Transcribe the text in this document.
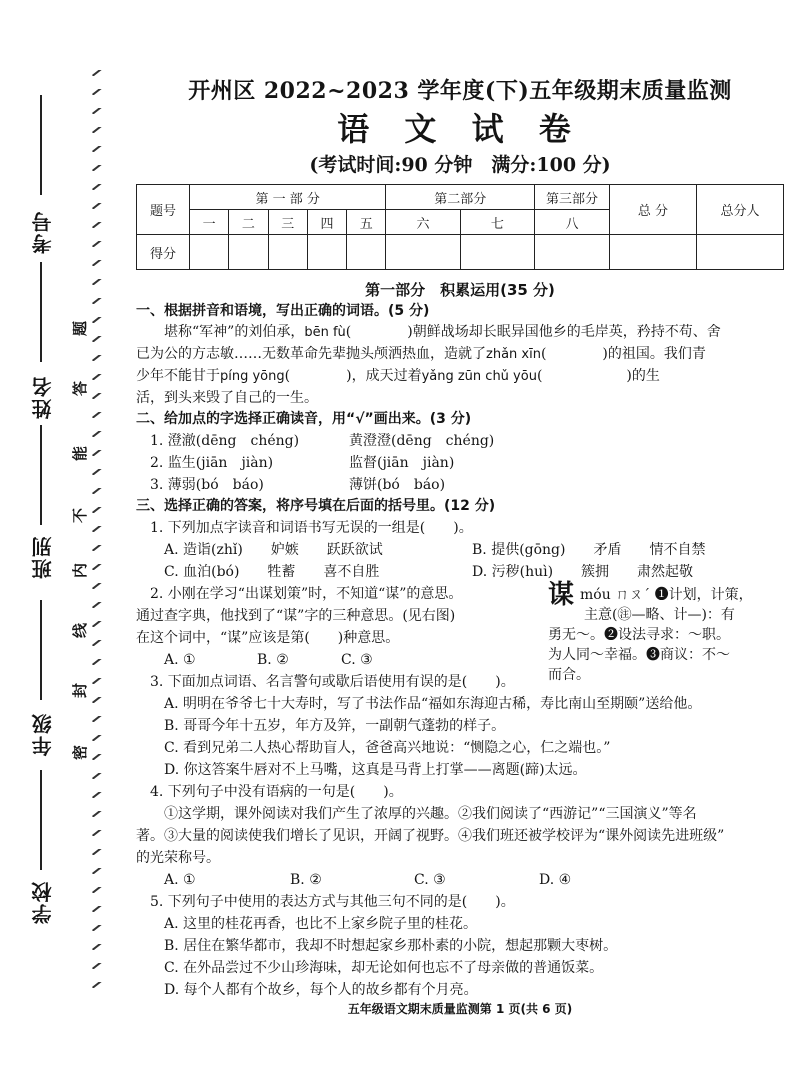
考号
姓名
班别
年级
学校
题
答
能
不
内
线
封
密
开州区 2022~2023 学年度(下)五年级期末质量监测
语 文 试 卷
(考试时间:90 分钟　满分:100 分)
题号	第 一 部 分					第二部分		第三部分	总 分	总分人
	一	二	三	四	五	六	七	八		
得分										
第一部分　积累运用(35 分)
一、根据拼音和语境，写出正确的词语。(5 分)
　　堪称“军神”的刘伯承，bēn fù(　　　　)朝鲜战场却长眠异国他乡的毛岸英，矜持不苟、舍
已为公的方志敏……无数革命先辈抛头颅洒热血，造就了zhǎn xīn(　　　　)的祖国。我们青
少年不能甘于píng yōng(　　　　)，成天过着yǎng zūn chǔ yōu(　　　　　　)的生
活，到头来毁了自己的一生。
二、给加点的字选择正确读音，用“√”画出来。(3 分)
1. 澄澈(dēng　chéng)	黄澄澄(dēng　chéng)
2. 监生(jiān　jiàn)	监督(jiān　jiàn)
3. 薄弱(bó　báo)	薄饼(bó　báo)
三、选择正确的答案，将序号填在后面的括号里。(12 分)
1. 下列加点字读音和词语书写无误的一组是(　　)。
A. 造诣(zhǐ)　　妒嫉　　跃跃欲试	B. 提供(gōng)　　矛盾　　情不自禁
C. 血泊(bó)　　牲蓄　　喜不自胜	D. 污秽(huì)　　簇拥　　肃然起敬
2. 小刚在学习“出谋划策”时，不知道“谋”的意思。
通过查字典，他找到了“谋”字的三种意思。(见右图)
在这个词中，“谋”应该是第(　　)种意思。
A. ①	B. ②	C. ③
谋móu ㄇㄡˊ ❶计划，计策，
主意(㊟—略、计—)：有
勇无～。❷设法寻求：～职。
为人同～幸福。❸商议：不～
而合。
3. 下面加点词语、名言警句或歇后语使用有误的是(　　)。
A. 明明在爷爷七十大寿时，写了书法作品“福如东海迎古稀，寿比南山至期颐”送给他。
B. 哥哥今年十五岁，年方及笄，一副朝气蓬勃的样子。
C. 看到兄弟二人热心帮助盲人，爸爸高兴地说：“恻隐之心，仁之端也。”
D. 你这答案牛唇对不上马嘴，这真是马背上打掌——离题(蹄)太远。
4. 下列句子中没有语病的一句是(　　)。
　　①这学期，课外阅读对我们产生了浓厚的兴趣。②我们阅读了“西游记”“三国演义”等名
著。③大量的阅读使我们增长了见识，开阔了视野。④我们班还被学校评为“课外阅读先进班级”
的光荣称号。
A. ①	B. ②	C. ③	D. ④
5. 下列句子中使用的表达方式与其他三句不同的是(　　)。
A. 这里的桂花再香，也比不上家乡院子里的桂花。
B. 居住在繁华都市，我却不时想起家乡那朴素的小院，想起那颗大枣树。
C. 在外品尝过不少山珍海味，却无论如何也忘不了母亲做的普通饭菜。
D. 每个人都有个故乡，每个人的故乡都有个月亮。
五年级语文期末质量监测第 1 页(共 6 页)
